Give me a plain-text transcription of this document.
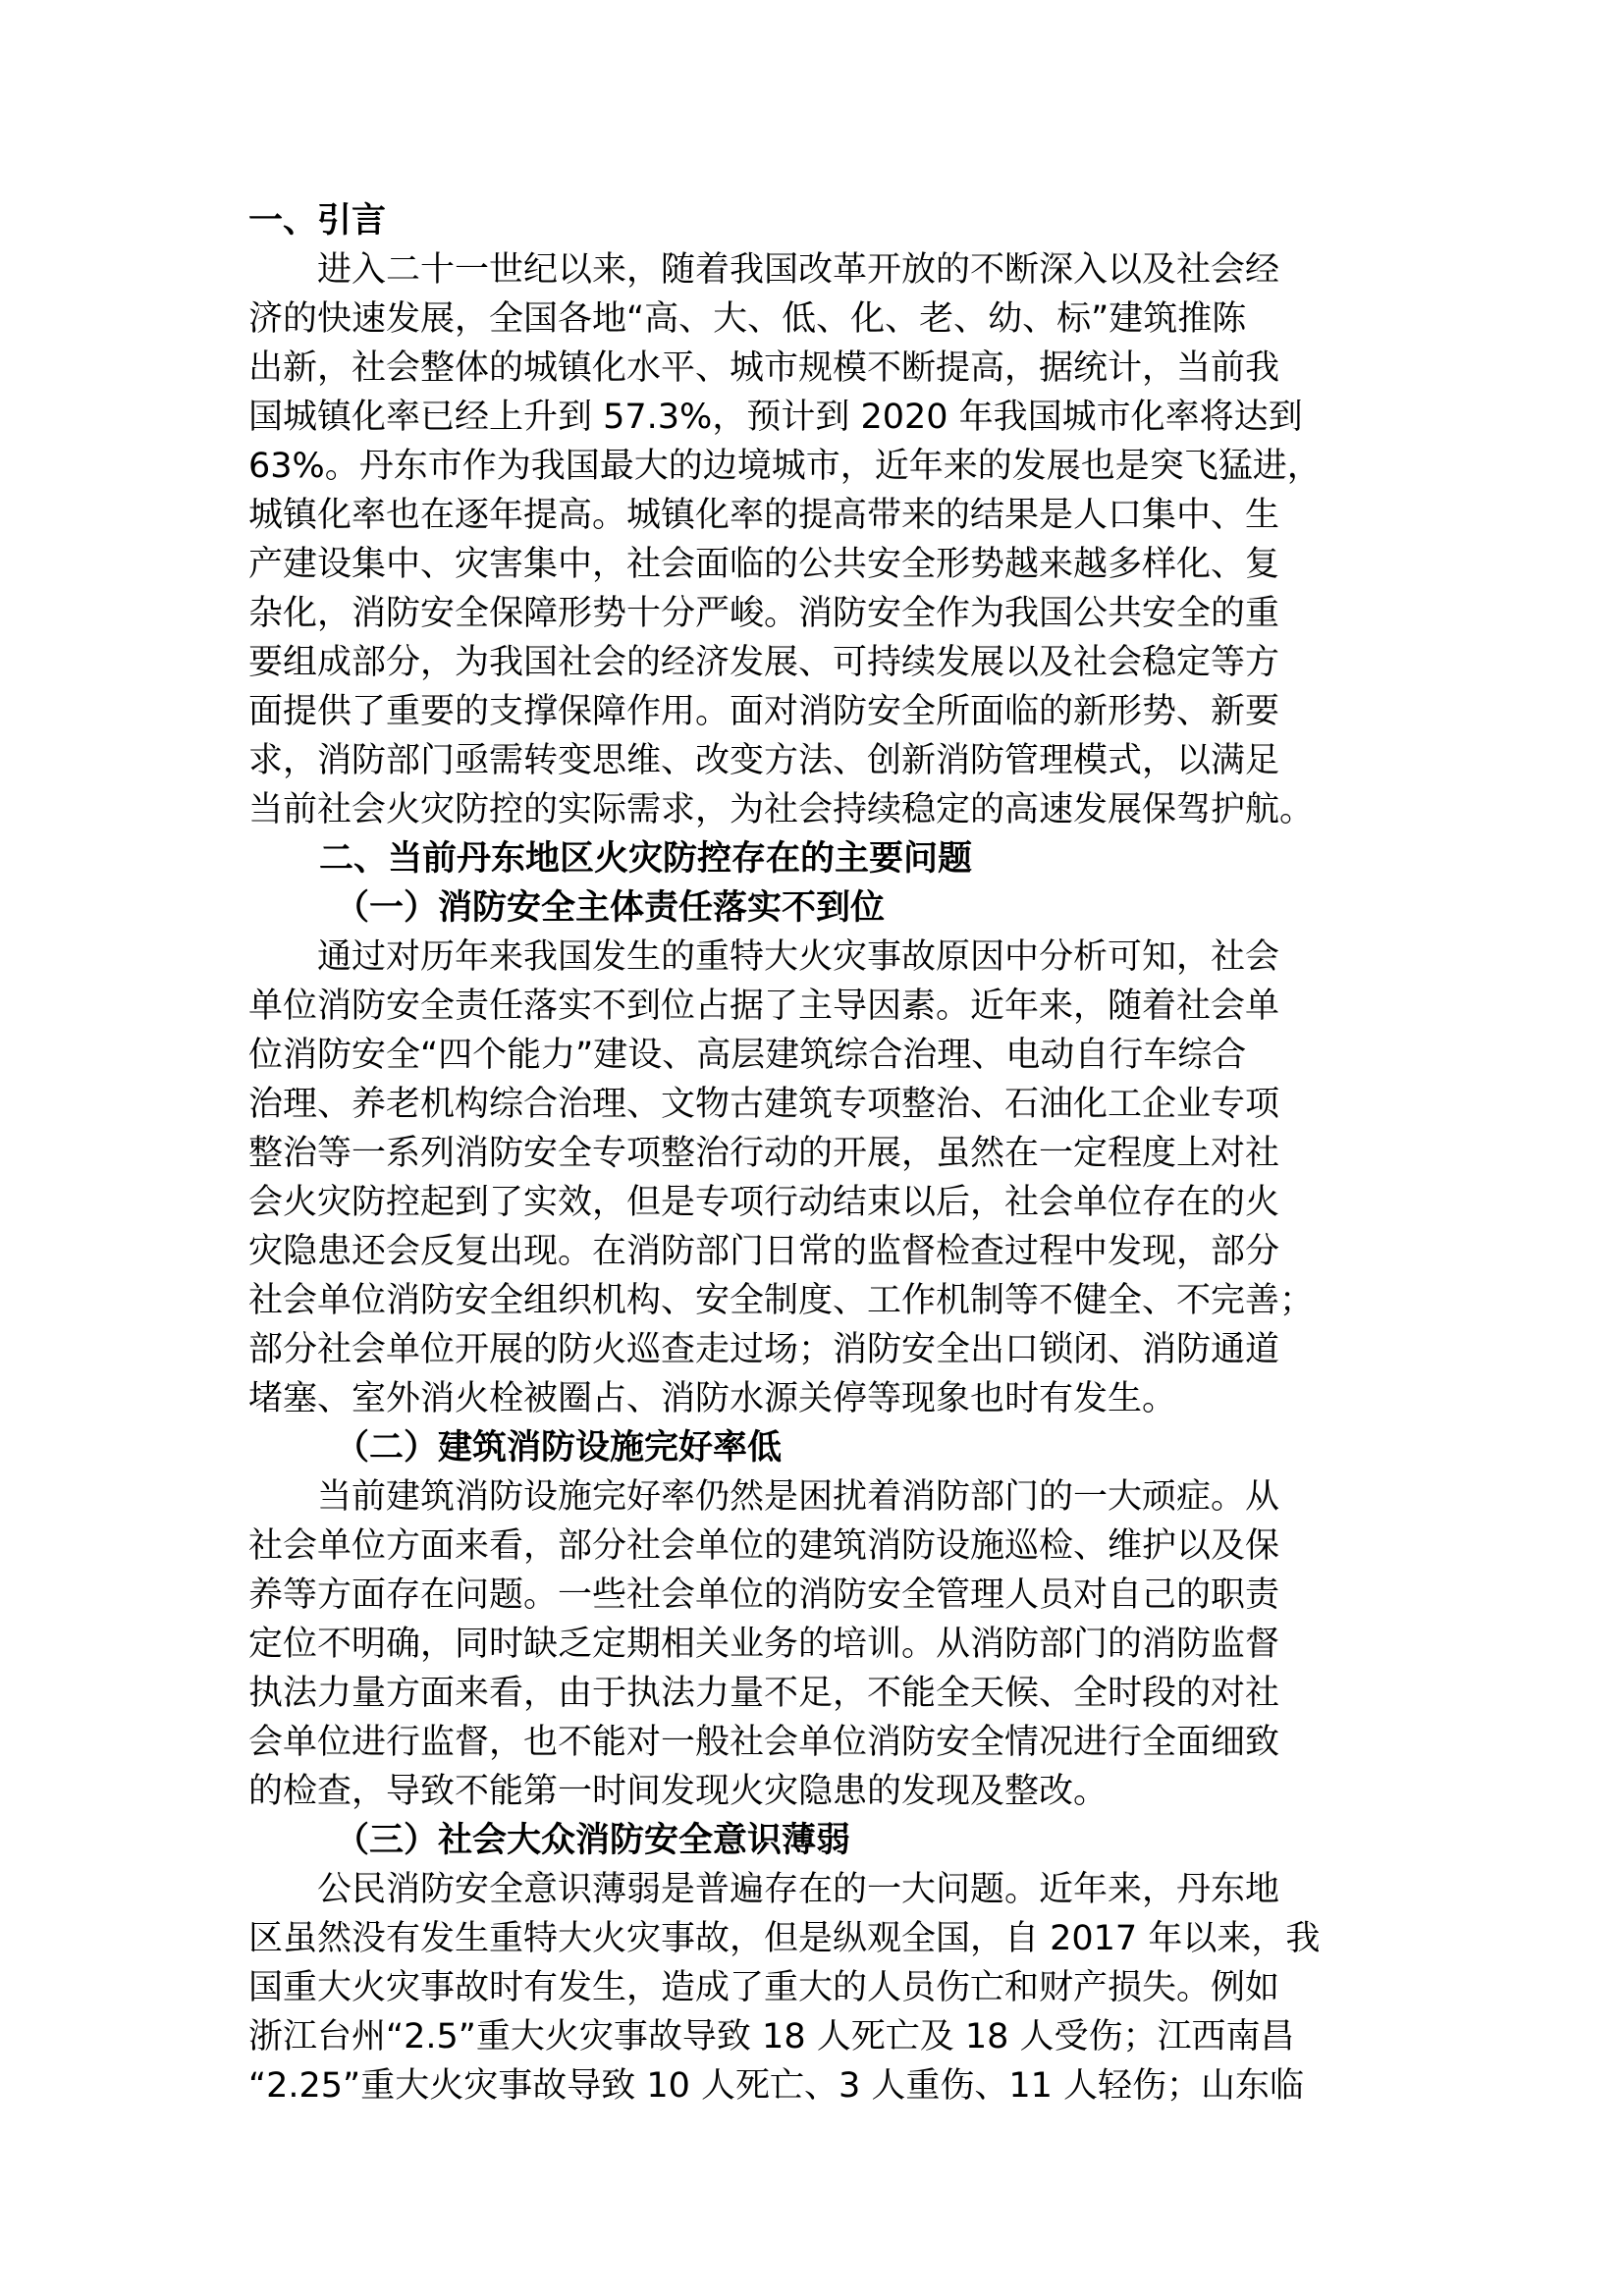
一、引言
进入二十一世纪以来，随着我国改革开放的不断深入以及社会经
济的快速发展，全国各地“高、大、低、化、老、幼、标”建筑推陈
出新，社会整体的城镇化水平、城市规模不断提高，据统计，当前我
国城镇化率已经上升到 57.3%，预计到 2020 年我国城市化率将达到
63%。丹东市作为我国最大的边境城市，近年来的发展也是突飞猛进，
城镇化率也在逐年提高。城镇化率的提高带来的结果是人口集中、生
产建设集中、灾害集中，社会面临的公共安全形势越来越多样化、复
杂化，消防安全保障形势十分严峻。消防安全作为我国公共安全的重
要组成部分，为我国社会的经济发展、可持续发展以及社会稳定等方
面提供了重要的支撑保障作用。面对消防安全所面临的新形势、新要
求，消防部门亟需转变思维、改变方法、创新消防管理模式，以满足
当前社会火灾防控的实际需求，为社会持续稳定的高速发展保驾护航。
二、当前丹东地区火灾防控存在的主要问题
（一）消防安全主体责任落实不到位
通过对历年来我国发生的重特大火灾事故原因中分析可知，社会
单位消防安全责任落实不到位占据了主导因素。近年来，随着社会单
位消防安全“四个能力”建设、高层建筑综合治理、电动自行车综合
治理、养老机构综合治理、文物古建筑专项整治、石油化工企业专项
整治等一系列消防安全专项整治行动的开展，虽然在一定程度上对社
会火灾防控起到了实效，但是专项行动结束以后，社会单位存在的火
灾隐患还会反复出现。在消防部门日常的监督检查过程中发现，部分
社会单位消防安全组织机构、安全制度、工作机制等不健全、不完善；
部分社会单位开展的防火巡查走过场；消防安全出口锁闭、消防通道
堵塞、室外消火栓被圈占、消防水源关停等现象也时有发生。
（二）建筑消防设施完好率低
当前建筑消防设施完好率仍然是困扰着消防部门的一大顽症。从
社会单位方面来看，部分社会单位的建筑消防设施巡检、维护以及保
养等方面存在问题。一些社会单位的消防安全管理人员对自己的职责
定位不明确，同时缺乏定期相关业务的培训。从消防部门的消防监督
执法力量方面来看，由于执法力量不足，不能全天候、全时段的对社
会单位进行监督，也不能对一般社会单位消防安全情况进行全面细致
的检查，导致不能第一时间发现火灾隐患的发现及整改。
（三）社会大众消防安全意识薄弱
公民消防安全意识薄弱是普遍存在的一大问题。近年来，丹东地
区虽然没有发生重特大火灾事故，但是纵观全国，自 2017 年以来，我
国重大火灾事故时有发生，造成了重大的人员伤亡和财产损失。例如
浙江台州“2.5”重大火灾事故导致 18 人死亡及 18 人受伤；江西南昌
“2.25”重大火灾事故导致 10 人死亡、3 人重伤、11 人轻伤；山东临
